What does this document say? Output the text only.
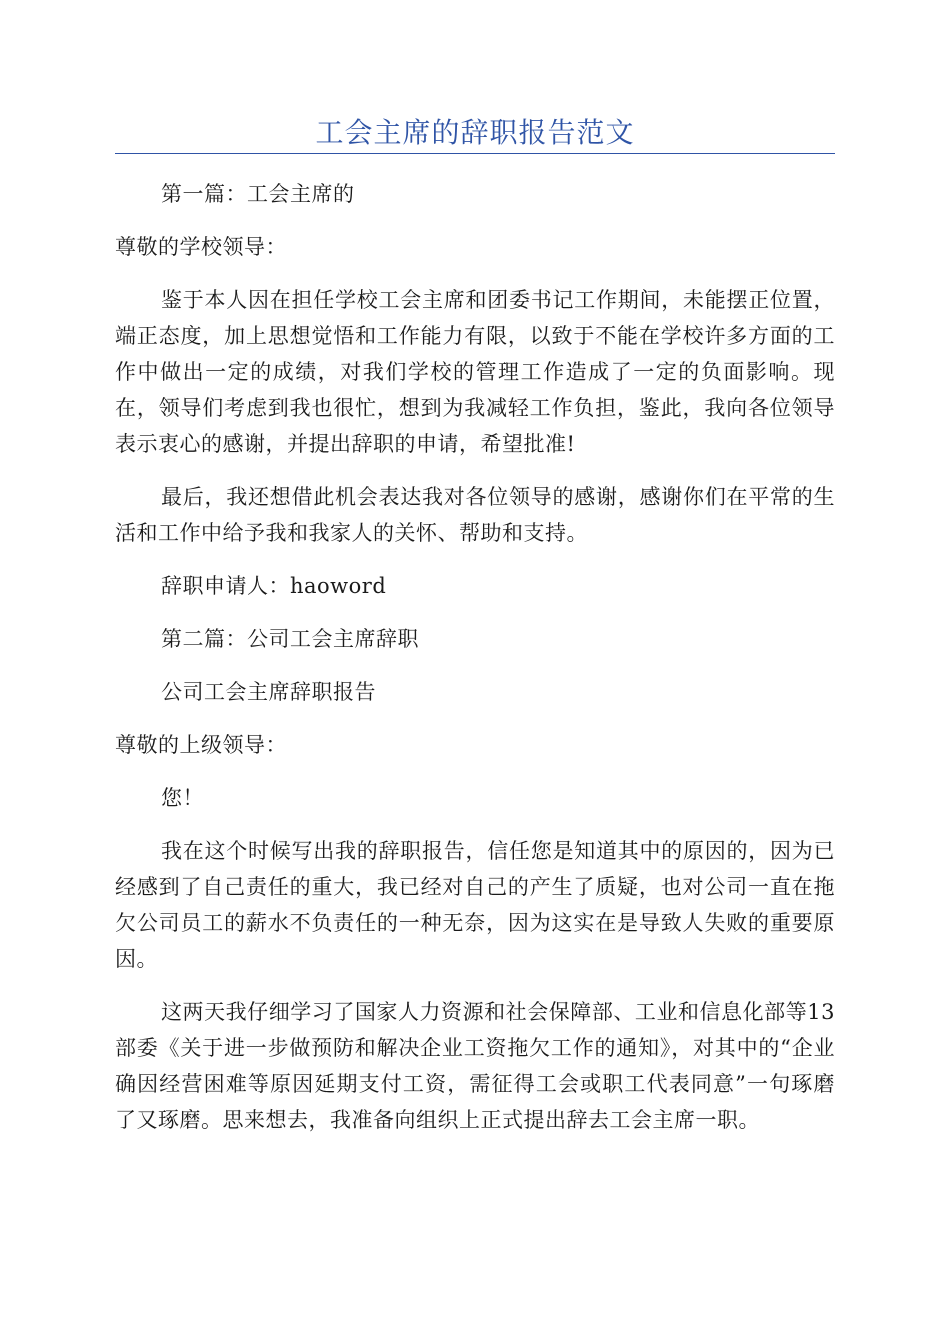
工会主席的辞职报告范文

第一篇：工会主席的

尊敬的学校领导：

鉴于本人因在担任学校工会主席和团委书记工作期间，未能摆正位置，端正态度，加上思想觉悟和工作能力有限，以致于不能在学校许多方面的工作中做出一定的成绩，对我们学校的管理工作造成了一定的负面影响。现在，领导们考虑到我也很忙，想到为我减轻工作负担，鉴此，我向各位领导表示衷心的感谢，并提出辞职的申请，希望批准!

最后，我还想借此机会表达我对各位领导的感谢，感谢你们在平常的生活和工作中给予我和我家人的关怀、帮助和支持。

辞职申请人：haoword

第二篇：公司工会主席辞职

公司工会主席辞职报告

尊敬的上级领导：

您！

我在这个时候写出我的辞职报告，信任您是知道其中的原因的，因为已经感到了自己责任的重大，我已经对自己的产生了质疑，也对公司一直在拖欠公司员工的薪水不负责任的一种无奈，因为这实在是导致人失败的重要原因。

这两天我仔细学习了国家人力资源和社会保障部、工业和信息化部等13部委《关于进一步做预防和解决企业工资拖欠工作的通知》，对其中的“企业确因经营困难等原因延期支付工资，需征得工会或职工代表同意”一句琢磨了又琢磨。思来想去，我准备向组织上正式提出辞去工会主席一职。
